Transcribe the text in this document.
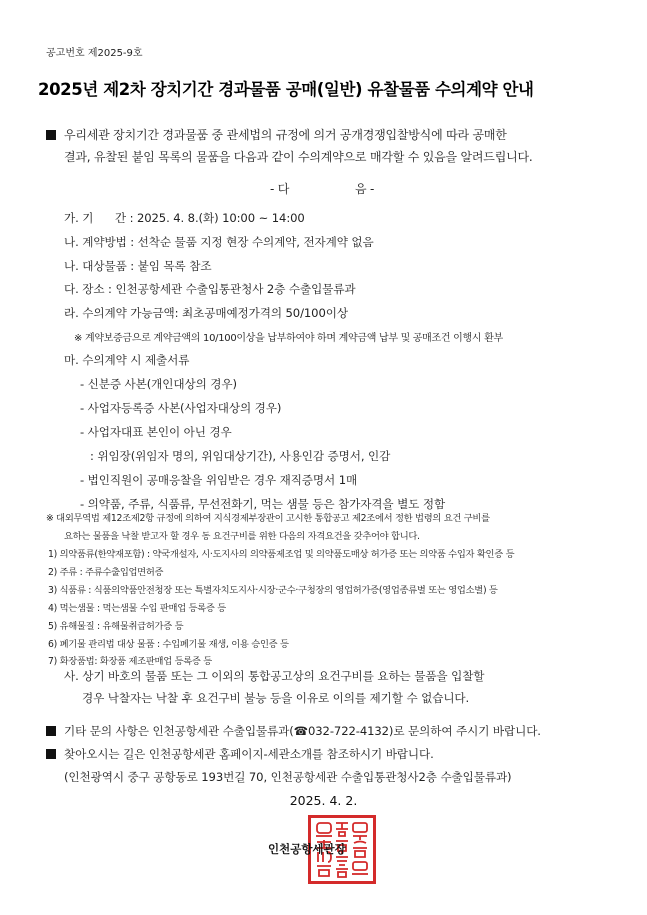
공고번호 제2025-9호
2025년 제2차 장치기간 경과물품 공매(일반) 유찰물품 수의계약 안내
우리세관 장치기간 경과물품 중 관세법의 규정에 의거 공개경쟁입찰방식에 따라 공매한
결과, 유찰된 붙임 목록의 물품을 다음과 같이 수의계약으로 매각할 수 있음을 알려드립니다.
- 다	음 -
가. 기      간 : 2025. 4. 8.(화) 10:00 ~ 14:00
나. 계약방법 : 선착순 물품 지정 현장 수의계약, 전자계약 없음
나. 대상물품 : 붙임 목록 참조
다. 장소 : 인천공항세관 수출입통관청사 2층 수출입물류과
라. 수의계약 가능금액: 최초공매예정가격의 50/100이상
※ 계약보증금으로 계약금액의 10/100이상을 납부하여야 하며 계약금액 납부 및 공매조건 이행시 환부
마. 수의계약 시 제출서류
- 신분증 사본(개인대상의 경우)
- 사업자등록증 사본(사업자대상의 경우)
- 사업자대표 본인이 아닌 경우
: 위임장(위임자 명의, 위임대상기간), 사용인감 증명서, 인감
- 법인직원이 공매응찰을 위임받은 경우 재직증명서 1매
- 의약품, 주류, 식품류, 무선전화기, 먹는 샘물 등은 참가자격을 별도 정함
※ 대외무역법 제12조제2항 규정에 의하여 지식경제부장관이 고시한 통합공고 제2조에서 정한 법령의 요건 구비를
요하는 물품을 낙찰 받고자 할 경우 동 요건구비를 위한 다음의 자격요건을 갖추어야 합니다.
1) 의약품류(한약재포함) : 약국개설자, 시·도지사의 의약품제조업 및 의약품도매상 허가증 또는 의약품 수입자 확인증 등
2) 주류 : 주류수출입업면허증
3) 식품류 : 식품의약품안전청장 또는 특별자치도지사·시장·군수·구청장의 영업허가증(영업종류별 또는 영업소별) 등
4) 먹는샘물 : 먹는샘물 수입 판매업 등록증 등
5) 유해물질 : 유해물취급허가증 등
6) 폐기물 관리법 대상 물품 : 수입폐기물 재생, 이용 승인증 등
7) 화장품법: 화장품 제조판매업 등록증 등
사. 상기 바호의 물품 또는 그 이외의 통합공고상의 요건구비를 요하는 물품을 입찰할
경우 낙찰자는 낙찰 후 요건구비 불능 등을 이유로 이의를 제기할 수 없습니다.
기타 문의 사항은 인천공항세관 수출입물류과(☎032-722-4132)로 문의하여 주시기 바랍니다.
찾아오시는 길은 인천공항세관 홈페이지-세관소개를 참조하시기 바랍니다.
(인천광역시 중구 공항동로 193번길 70, 인천공항세관 수출입통관청사2층 수출입물류과)
2025. 4. 2.
인천공항세관장
